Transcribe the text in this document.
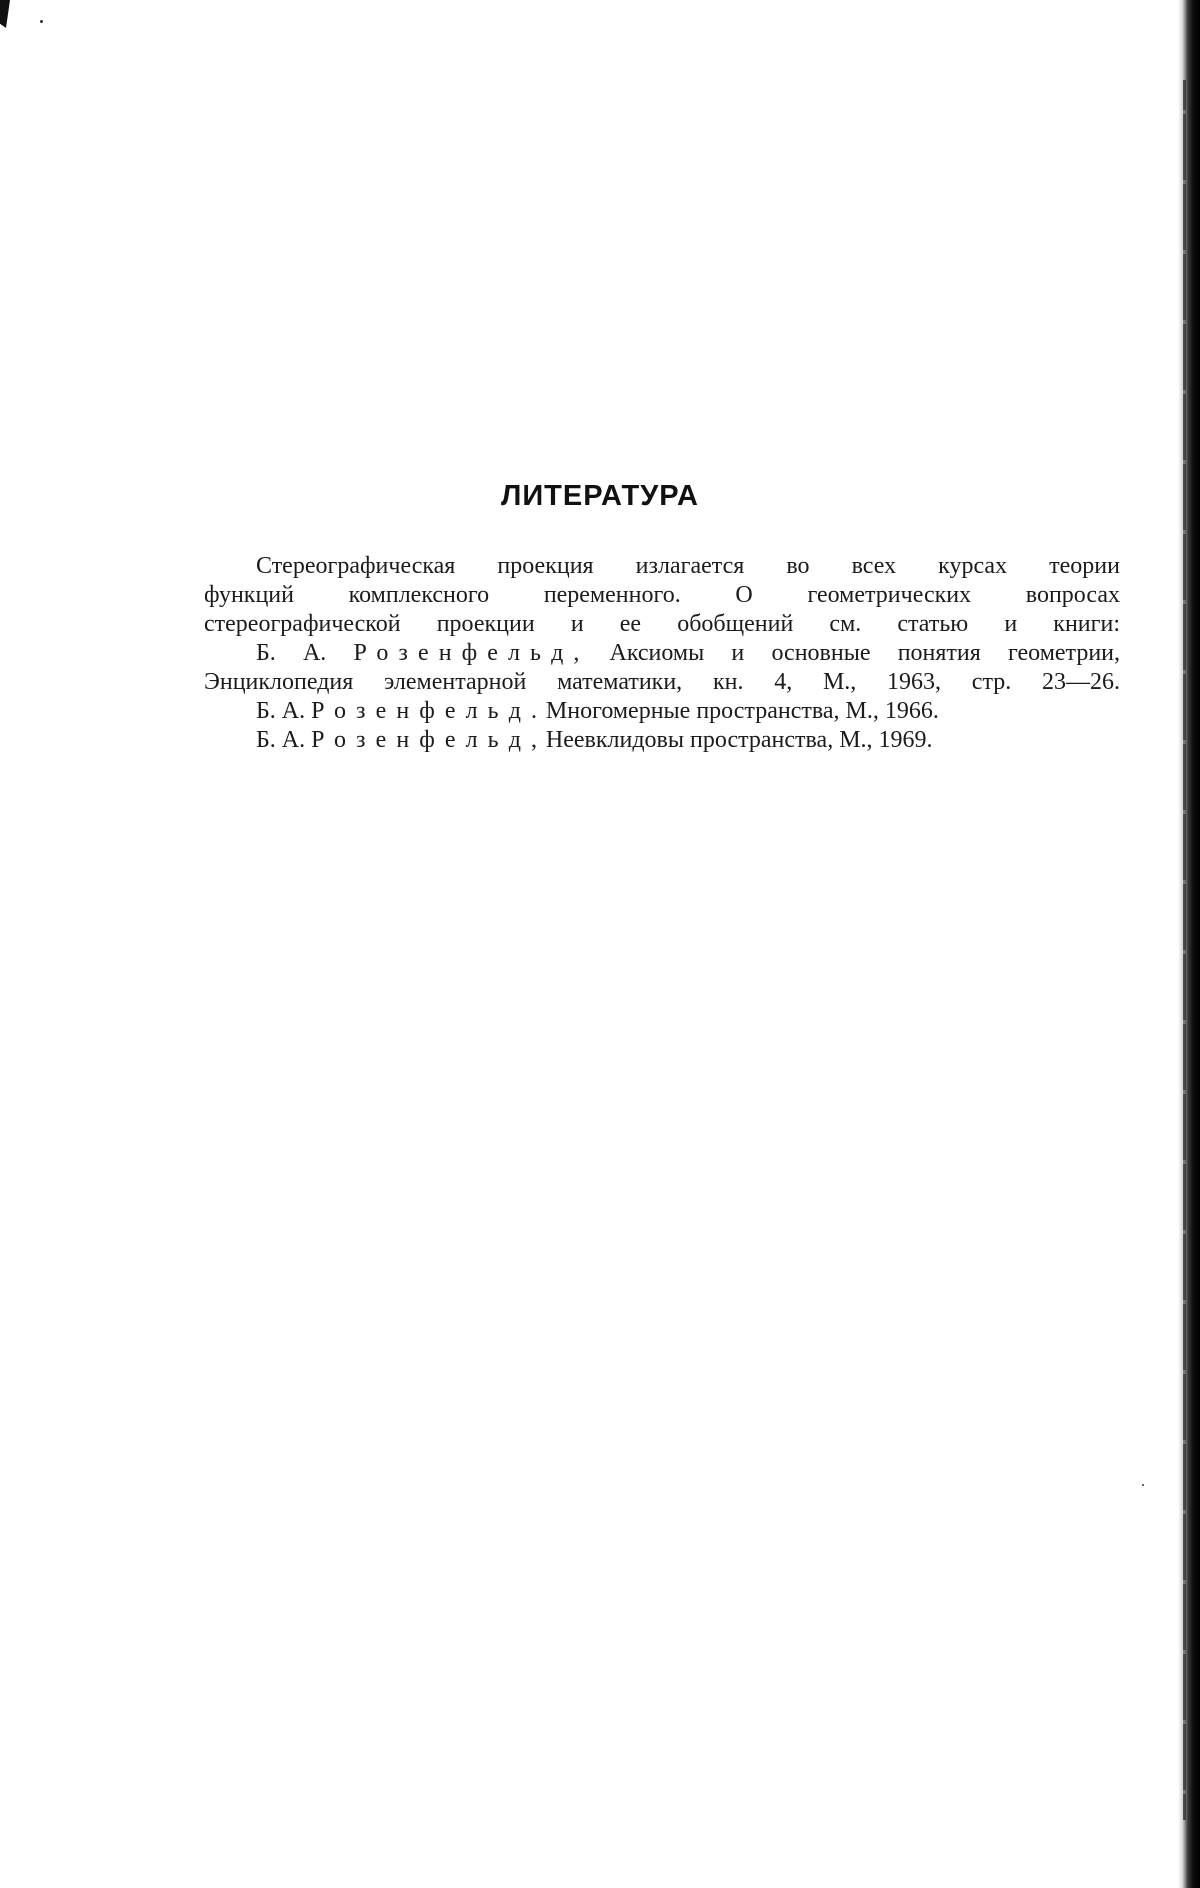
ЛИТЕРАТУРА

Стереографическая проекция излагается во всех курсах теории

функций комплексного переменного. О геометрических вопросах

стереографической проекции и ее обобщений см. статью и книги:

Б. А. Розенфельд, Аксиомы и основные понятия геометрии,

Энциклопедия элементарной математики, кн. 4, М., 1963, стр. 23—26.

Б. А. Розенфельд. Многомерные пространства, М., 1966.

Б. А. Розенфельд, Неевклидовы пространства, М., 1969.
